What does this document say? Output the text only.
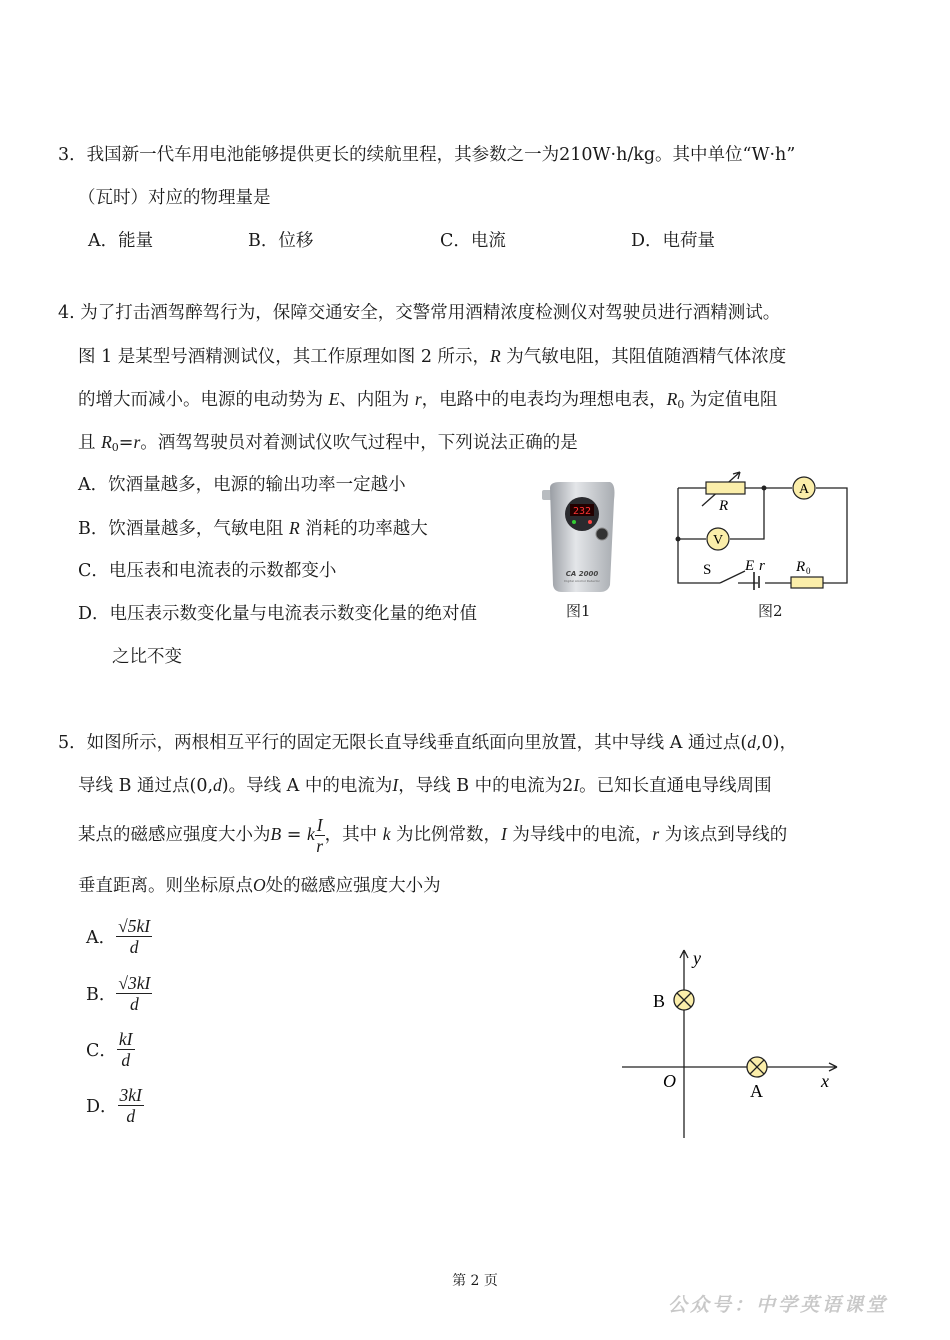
3．我国新一代车用电池能够提供更长的续航里程，其参数之一为210W·h/kg。其中单位“W·h”
（瓦时）对应的物理量是
A．能量	B．位移	C．电流	D．电荷量
4. 为了打击酒驾醉驾行为，保障交通安全，交警常用酒精浓度检测仪对驾驶员进行酒精测试。
图 1 是某型号酒精测试仪，其工作原理如图 2 所示，R 为气敏电阻，其阻值随酒精气体浓度
的增大而减小。电源的电动势为 E、内阻为 r，电路中的电表均为理想电表，$R_0$ 为定值电阻
且 $R_0=r$。酒驾驾驶员对着测试仪吹气过程中，下列说法正确的是
A．饮酒量越多，电源的输出功率一定越小
B．饮酒量越多，气敏电阻 R 消耗的功率越大
C．电压表和电流表的示数都变小
D．电压表示数变化量与电流表示数变化量的绝对值
之比不变
232
CA 2000
Digital Alcohol Detector
图1
A
V
R
S E r R 0
图2
5．如图所示，两根相互平行的固定无限长直导线垂直纸面向里放置，其中导线 A 通过点(d,0)，
导线 B 通过点(0,d)。导线 A 中的电流为I，导线 B 中的电流为2I。已知长直通电导线周围
某点的磁感应强度大小为B = k $\frac{I}{r}$ ，其中 k 为比例常数，I 为导线中的电流，r 为该点到导线的
垂直距离。则坐标原点O处的磁感应强度大小为
A． $\frac{√5kI}{d}$
B． $\frac{√3kI}{d}$
C． $\frac{kI}{d}$
D． $\frac{3kI}{d}$
y
x
O
B
A
第 2 页
公众号：中学英语课堂
